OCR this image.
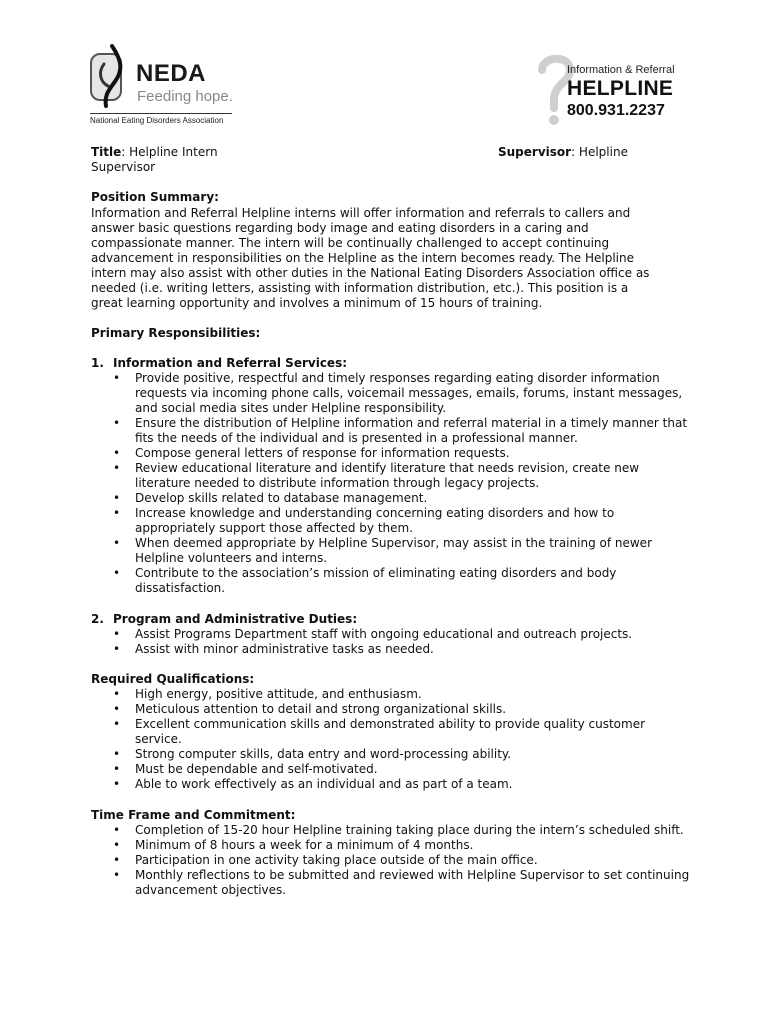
NEDA
Feeding hope.
National Eating Disorders Association
Information & Referral
HELPLINE
800.931.2237
Title: Helpline Intern
Supervisor
Supervisor: Helpline
Position Summary:
Information and Referral Helpline interns will offer information and referrals to callers and
answer basic questions regarding body image and eating disorders in a caring and
compassionate manner. The intern will be continually challenged to accept continuing
advancement in responsibilities on the Helpline as the intern becomes ready. The Helpline
intern may also assist with other duties in the National Eating Disorders Association office as
needed (i.e. writing letters, assisting with information distribution, etc.). This position is a
great learning opportunity and involves a minimum of 15 hours of training.
Primary Responsibilities:
1. Information and Referral Services:
•	Provide positive, respectful and timely responses regarding eating disorder information requests via incoming phone calls, voicemail messages, emails, forums, instant messages, and social media sites under Helpline responsibility.
•	Ensure the distribution of Helpline information and referral material in a timely manner that fits the needs of the individual and is presented in a professional manner.
•	Compose general letters of response for information requests.
•	Review educational literature and identify literature that needs revision, create new literature needed to distribute information through legacy projects.
•	Develop skills related to database management.
•	Increase knowledge and understanding concerning eating disorders and how to appropriately support those affected by them.
•	When deemed appropriate by Helpline Supervisor, may assist in the training of newer Helpline volunteers and interns.
•	Contribute to the association’s mission of eliminating eating disorders and body dissatisfaction.
2. Program and Administrative Duties:
•	Assist Programs Department staff with ongoing educational and outreach projects.
•	Assist with minor administrative tasks as needed.
Required Qualifications:
•	High energy, positive attitude, and enthusiasm.
•	Meticulous attention to detail and strong organizational skills.
•	Excellent communication skills and demonstrated ability to provide quality customer service.
•	Strong computer skills, data entry and word-processing ability.
•	Must be dependable and self-motivated.
•	Able to work effectively as an individual and as part of a team.
Time Frame and Commitment:
•	Completion of 15-20 hour Helpline training taking place during the intern’s scheduled shift.
•	Minimum of 8 hours a week for a minimum of 4 months.
•	Participation in one activity taking place outside of the main office.
•	Monthly reflections to be submitted and reviewed with Helpline Supervisor to set continuing advancement objectives.
